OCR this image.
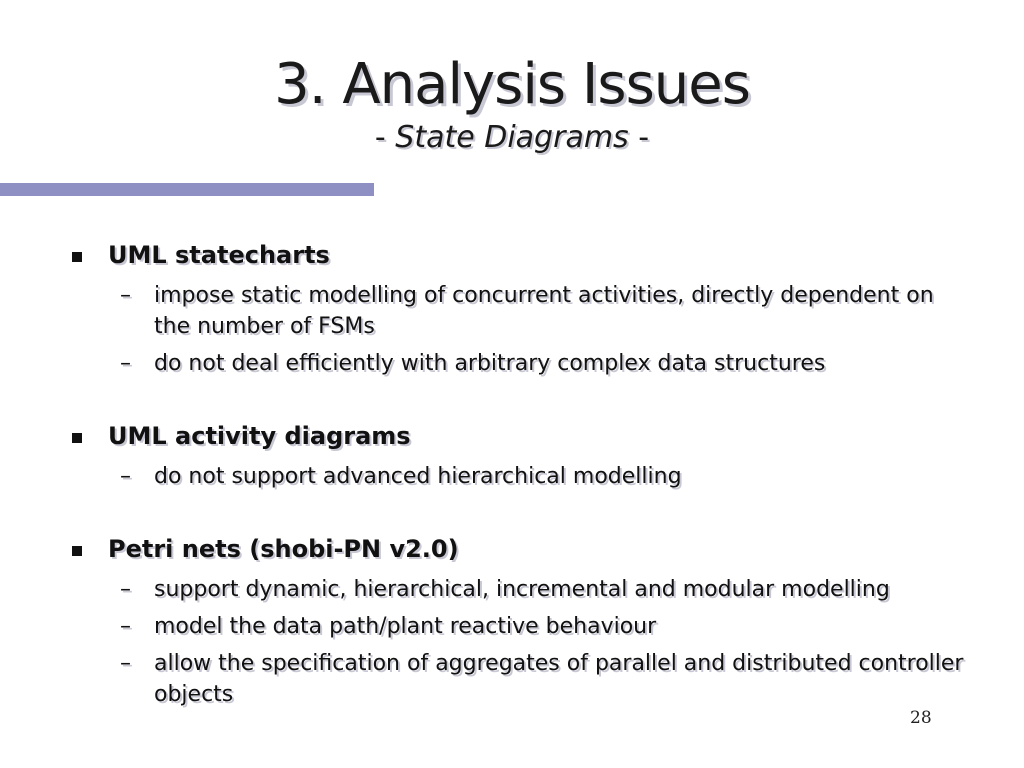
3. Analysis Issues
- State Diagrams -
UML statecharts
– impose static modelling of concurrent activities, directly dependent on the number of FSMs
– do not deal efficiently with arbitrary complex data structures
UML activity diagrams
– do not support advanced hierarchical modelling
Petri nets (shobi-PN v2.0)
– support dynamic, hierarchical, incremental and modular modelling
– model the data path/plant reactive behaviour
– allow the specification of aggregates of parallel and distributed controller objects
28
